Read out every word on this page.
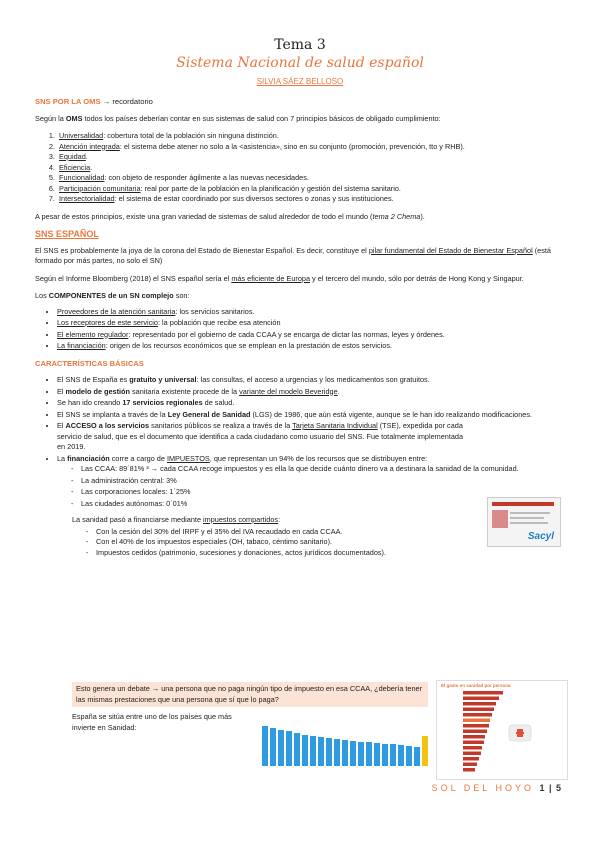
Tema 3
Sistema Nacional de salud español
SILVIA SÁEZ BELLOSO
SNS POR LA OMS → recordatorio

Según la OMS todos los países deberían contar en sus sistemas de salud con 7 principios básicos de obligado cumplimiento:

1. Universalidad: cobertura total de la población sin ninguna distinción.
2. Atención integrada: el sistema debe atener no solo a la <asistencia», sino en su conjunto (promoción, prevención, tto y RHB).
3. Equidad.
4. Eficiencia.
5. Funcionalidad: con objeto de responder ágilmente a las nuevas necesidades.
6. Participación comunitaria: real por parte de la población en la planificación y gestión del sistema sanitario.
7. Intersectorialidad: el sistema de estar coordinado por sus diversos sectores o zonas y sus instituciones.

A pesar de estos principios, existe una gran variedad de sistemas de salud alrededor de todo el mundo (tema 2 Chema).

SNS ESPAÑOL

El SNS es probablemente la joya de la corona del Estado de Bienestar Español. Es decir, constituye el pilar fundamental del Estado de Bienestar Español (está formado por más partes, no solo el SN)

Según el Informe Bloomberg (2018) el SNS español sería el más eficiente de Europa y el tercero del mundo, sólo por detrás de Hong Kong y Singapur.

Los COMPONENTES de un SN complejo son:

• Proveedores de la atención sanitaria: los servicios sanitarios.
• Los receptores de este servicio: la población que recibe esa atención
• El elemento regulador: representado por el gobierno de cada CCAA y se encarga de dictar las normas, leyes y órdenes.
• La financiación: origen de los recursos económicos que se emplean en la prestación de estos servicios.
CARACTERÍSTICAS BÁSICAS
• El SNS de España es gratuito y universal: las consultas, el acceso a urgencias y los medicamentos son gratuitos.
• El modelo de gestión sanitaria existente procede de la variante del modelo Beveridge.
• Se han ido creando 17 servicios regionales de salud.
• El SNS se implanta a través de la Ley General de Sanidad (LGS) de 1986, que aún está vigente, aunque se le han ido realizando modificaciones.
• El ACCESO a los servicios sanitarios públicos se realiza a través de la Tarjeta Sanitaria Individual (TSE), expedida por cada servicio de salud, que es el documento que identifica a cada ciudadano como usuario del SNS. Fue totalmente implementada en 2019.
• La financiación corre a cargo de IMPUESTOS, que representan un 94% de los recursos que se distribuyen entre:
- Las CCAA: 89´81% ³ → cada CCAA recoge impuestos y es ella la que decide cuánto dinero va a destinara la sanidad de la comunidad.
- La administración central: 3%
- Las corporaciones locales: 1´25%
- Las ciudades autónomas: 0´01%

La sanidad pasó a financiarse mediante impuestos compartidos:

- Con la cesión del 30% del IRPF y el 35% del IVA recaudado en cada CCAA.
- Con el 40% de los impuestos especiales (OH, tabaco, céntimo sanitario).
- Impuestos cedidos (patrimonio, sucesiones y donaciones, actos jurídicos documentados).
Sacyl
Esto genera un debate → una persona que no paga ningún tipo de impuesto en esa CCAA, ¿debería tener las mismas prestaciones que una persona que sí que lo paga?
España se sitúa entre uno de los países que más invierte en Sanidad:
El gasto en sanidad por persona
SOL DEL HOYO 1 | 5
